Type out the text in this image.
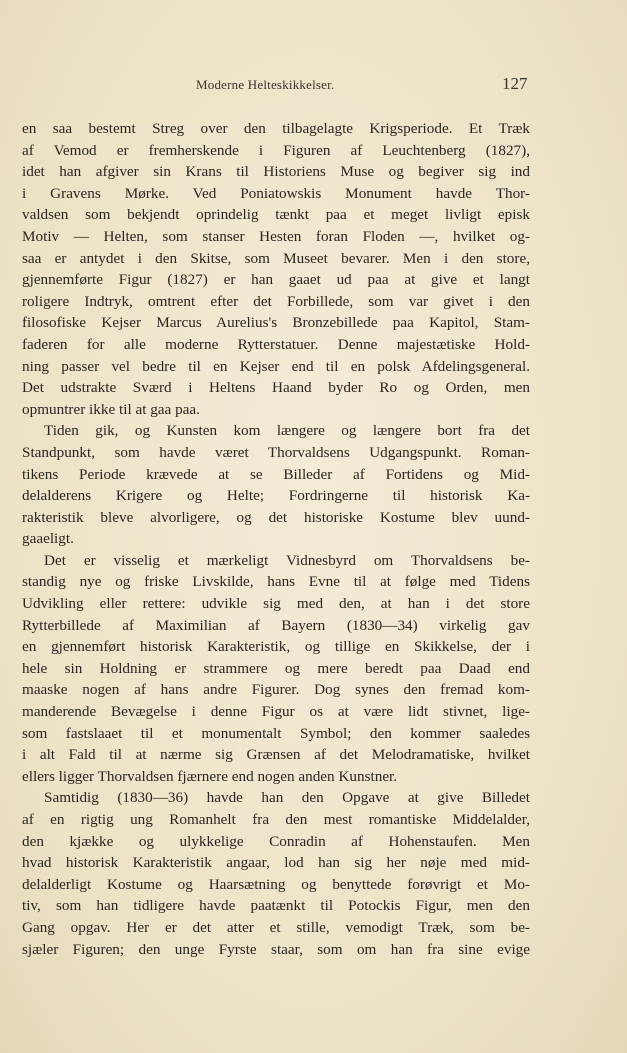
Moderne Helteskikkelser.	127
en saa bestemt Streg over den tilbagelagte Krigsperiode. Et Træk
af Vemod er fremherskende i Figuren af Leuchtenberg (1827),
idet han afgiver sin Krans til Historiens Muse og begiver sig ind
i Gravens Mørke. Ved Poniatowskis Monument havde Thor-
valdsen som bekjendt oprindelig tænkt paa et meget livligt episk
Motiv — Helten, som stanser Hesten foran Floden —, hvilket og-
saa er antydet i den Skitse, som Museet bevarer. Men i den store,
gjennemførte Figur (1827) er han gaaet ud paa at give et langt
roligere Indtryk, omtrent efter det Forbillede, som var givet i den
filosofiske Kejser Marcus Aurelius's Bronzebillede paa Kapitol, Stam-
faderen for alle moderne Rytterstatuer. Denne majestætiske Hold-
ning passer vel bedre til en Kejser end til en polsk Afdelingsgeneral.
Det udstrakte Sværd i Heltens Haand byder Ro og Orden, men
opmuntrer ikke til at gaa paa.
Tiden gik, og Kunsten kom længere og længere bort fra det
Standpunkt, som havde været Thorvaldsens Udgangspunkt. Roman-
tikens Periode krævede at se Billeder af Fortidens og Mid-
delalderens Krigere og Helte; Fordringerne til historisk Ka-
rakteristik bleve alvorligere, og det historiske Kostume blev uund-
gaaeligt.
Det er visselig et mærkeligt Vidnesbyrd om Thorvaldsens be-
standig nye og friske Livskilde, hans Evne til at følge med Tidens
Udvikling eller rettere: udvikle sig med den, at han i det store
Rytterbillede af Maximilian af Bayern (1830—34) virkelig gav
en gjennemført historisk Karakteristik, og tillige en Skikkelse, der i
hele sin Holdning er strammere og mere beredt paa Daad end
maaske nogen af hans andre Figurer. Dog synes den fremad kom-
manderende Bevægelse i denne Figur os at være lidt stivnet, lige-
som fastslaaet til et monumentalt Symbol; den kommer saaledes
i alt Fald til at nærme sig Grænsen af det Melodramatiske, hvilket
ellers ligger Thorvaldsen fjærnere end nogen anden Kunstner.
Samtidig (1830—36) havde han den Opgave at give Billedet
af en rigtig ung Romanhelt fra den mest romantiske Middelalder,
den kjække og ulykkelige Conradin af Hohenstaufen. Men
hvad historisk Karakteristik angaar, lod han sig her nøje med mid-
delalderligt Kostume og Haarsætning og benyttede forøvrigt et Mo-
tiv, som han tidligere havde paatænkt til Potockis Figur, men den
Gang opgav. Her er det atter et stille, vemodigt Træk, som be-
sjæler Figuren; den unge Fyrste staar, som om han fra sine evige
